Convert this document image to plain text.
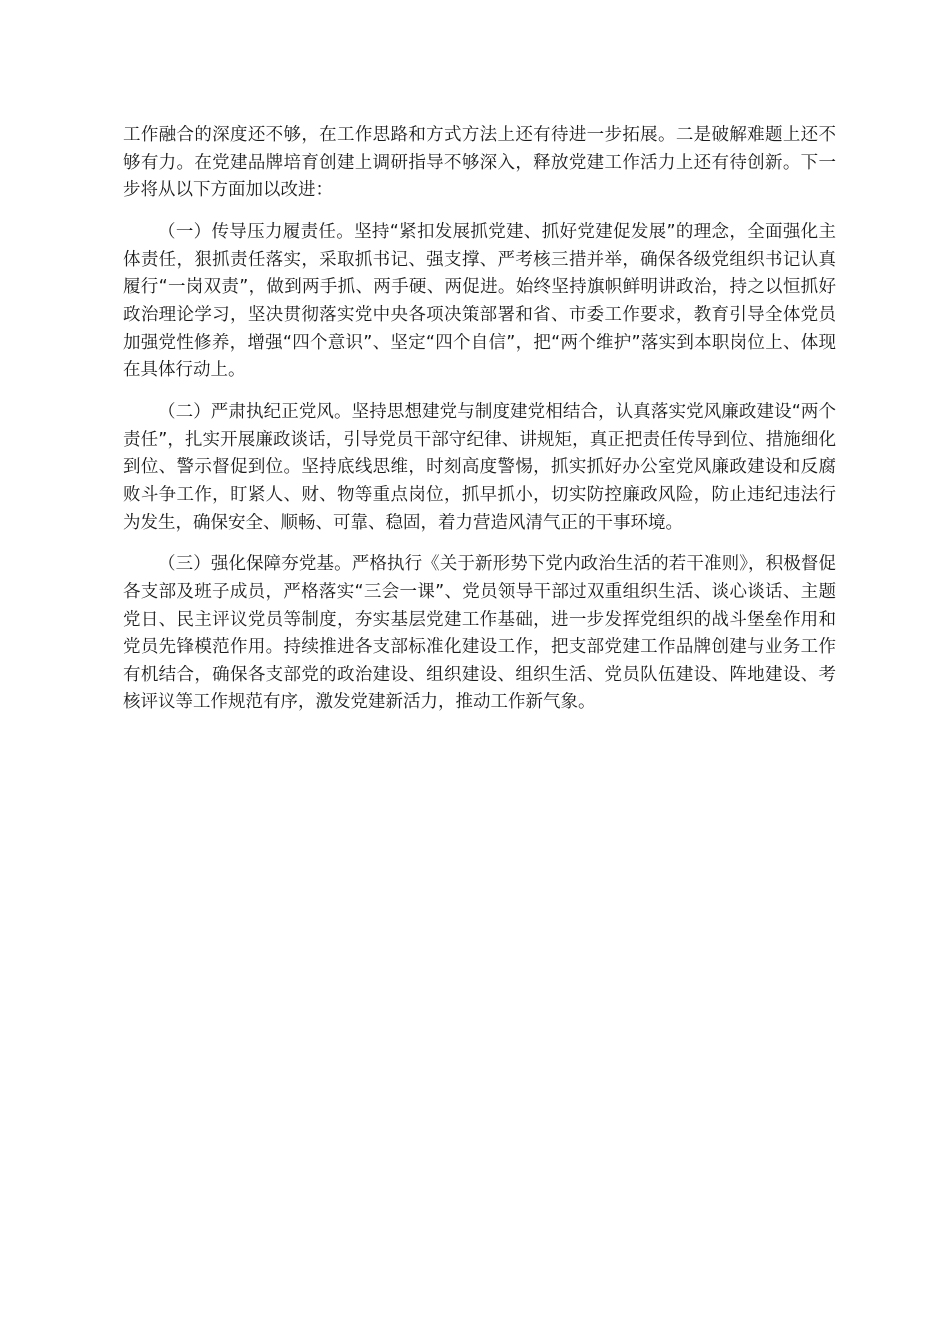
工作融合的深度还不够，在工作思路和方式方法上还有待进一步拓展。二是破解难题上还不够有力。在党建品牌培育创建上调研指导不够深入，释放党建工作活力上还有待创新。下一步将从以下方面加以改进：

（一）传导压力履责任。坚持“紧扣发展抓党建、抓好党建促发展”的理念，全面强化主体责任，狠抓责任落实，采取抓书记、强支撑、严考核三措并举，确保各级党组织书记认真履行“一岗双责”，做到两手抓、两手硬、两促进。始终坚持旗帜鲜明讲政治，持之以恒抓好政治理论学习，坚决贯彻落实党中央各项决策部署和省、市委工作要求，教育引导全体党员加强党性修养，增强“四个意识”、坚定“四个自信”，把“两个维护”落实到本职岗位上、体现在具体行动上。

（二）严肃执纪正党风。坚持思想建党与制度建党相结合，认真落实党风廉政建设“两个责任”，扎实开展廉政谈话，引导党员干部守纪律、讲规矩，真正把责任传导到位、措施细化到位、警示督促到位。坚持底线思维，时刻高度警惕，抓实抓好办公室党风廉政建设和反腐败斗争工作，盯紧人、财、物等重点岗位，抓早抓小，切实防控廉政风险，防止违纪违法行为发生，确保安全、顺畅、可靠、稳固，着力营造风清气正的干事环境。

（三）强化保障夯党基。严格执行《关于新形势下党内政治生活的若干准则》，积极督促各支部及班子成员，严格落实“三会一课”、党员领导干部过双重组织生活、谈心谈话、主题党日、民主评议党员等制度，夯实基层党建工作基础，进一步发挥党组织的战斗堡垒作用和党员先锋模范作用。持续推进各支部标准化建设工作，把支部党建工作品牌创建与业务工作有机结合，确保各支部党的政治建设、组织建设、组织生活、党员队伍建设、阵地建设、考核评议等工作规范有序，激发党建新活力，推动工作新气象。
